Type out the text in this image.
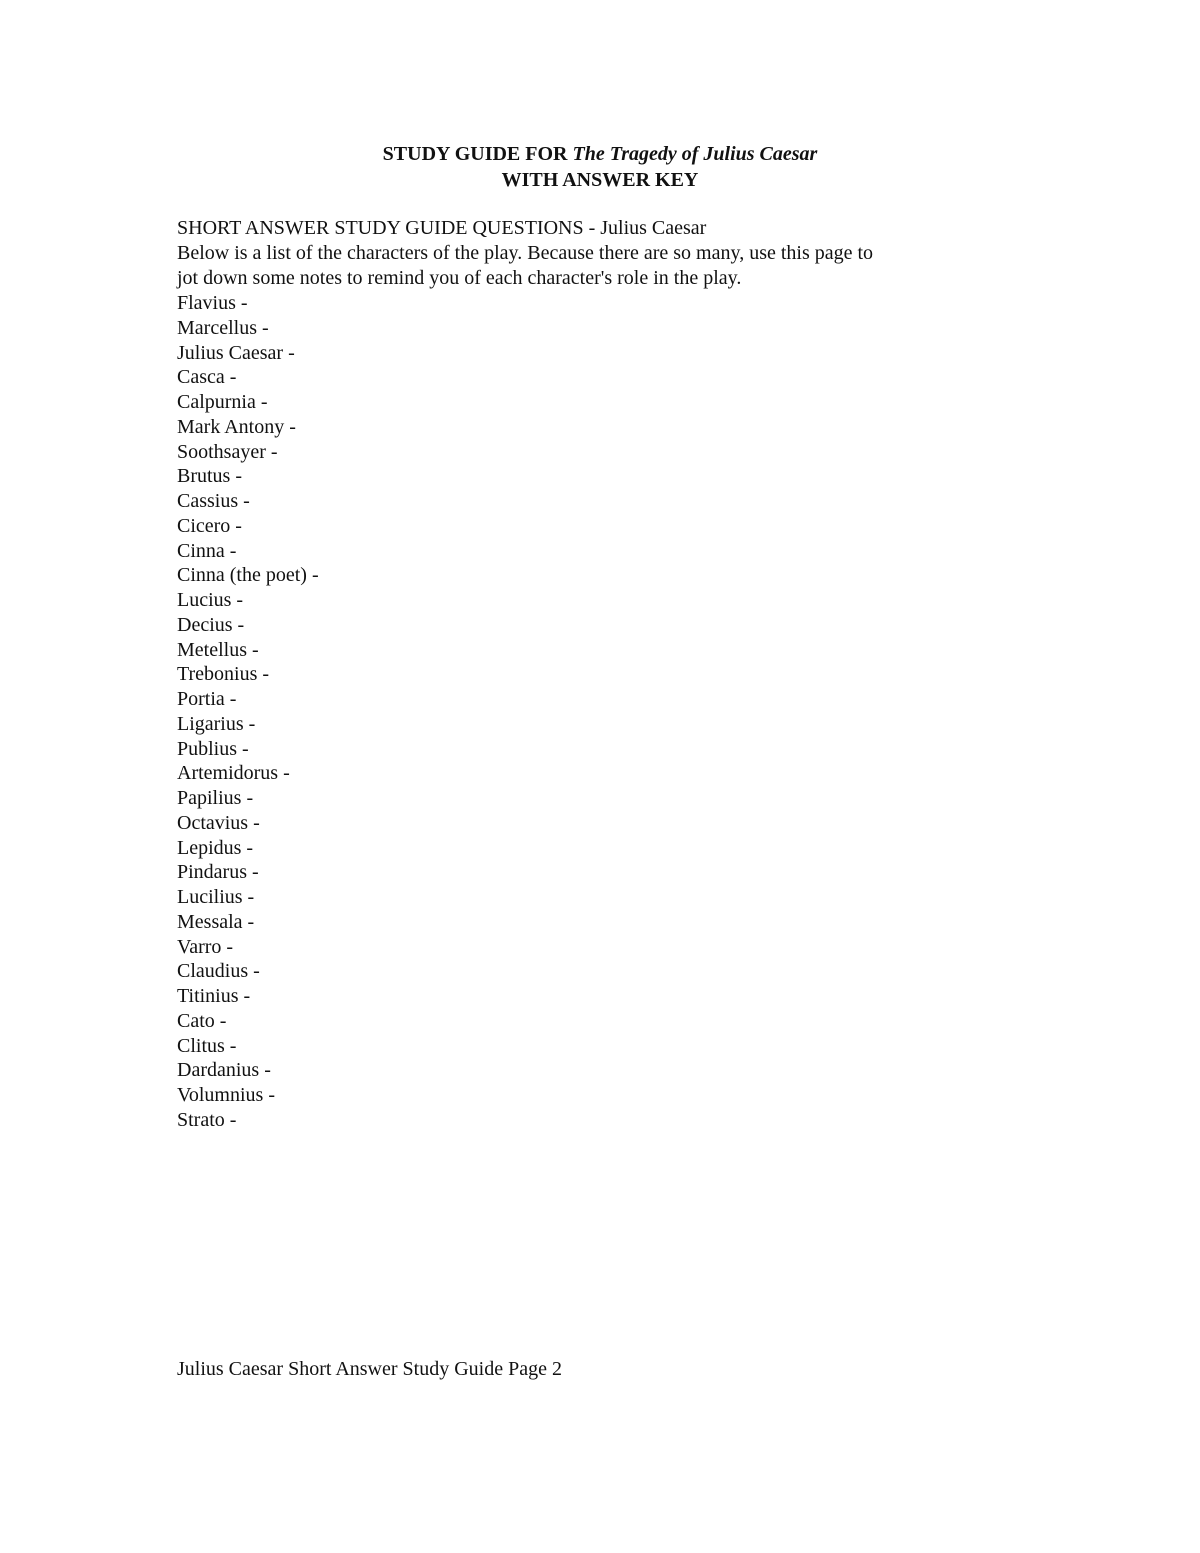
STUDY GUIDE FOR The Tragedy of Julius Caesar
WITH ANSWER KEY
SHORT ANSWER STUDY GUIDE QUESTIONS - Julius Caesar
Below is a list of the characters of the play. Because there are so many, use this page to
jot down some notes to remind you of each character's role in the play.
Flavius -
Marcellus -
Julius Caesar -
Casca -
Calpurnia -
Mark Antony -
Soothsayer -
Brutus -
Cassius -
Cicero -
Cinna -
Cinna (the poet) -
Lucius -
Decius -
Metellus -
Trebonius -
Portia -
Ligarius -
Publius -
Artemidorus -
Papilius -
Octavius -
Lepidus -
Pindarus -
Lucilius -
Messala -
Varro -
Claudius -
Titinius -
Cato -
Clitus -
Dardanius -
Volumnius -
Strato -
Julius Caesar Short Answer Study Guide Page 2
